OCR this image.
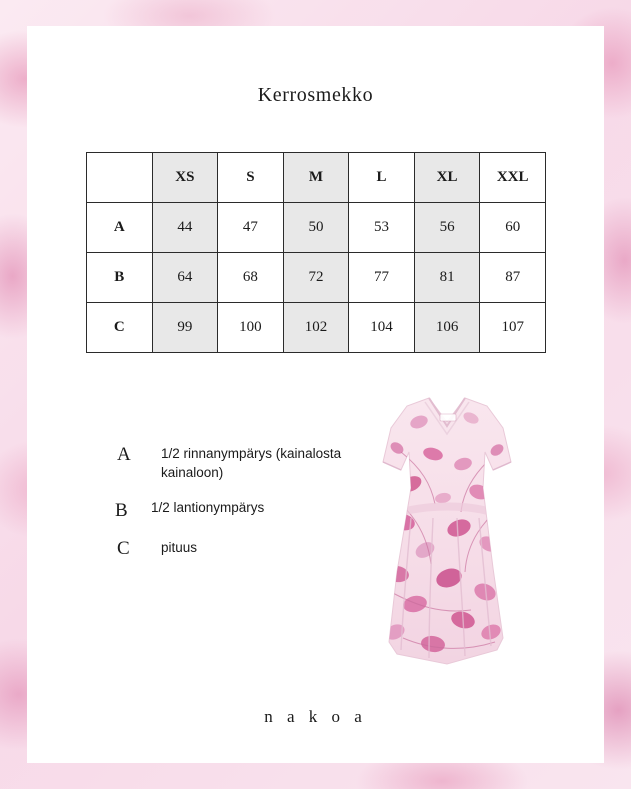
Kerrosmekko
	XS	S	M	L	XL	XXL
A	44	47	50	53	56	60
B	64	68	72	77	81	87
C	99	100	102	104	106	107
A 1/2 rinnanympärys (kainalosta kainaloon)
B 1/2 lantionympärys
C pituus
n a k o a
